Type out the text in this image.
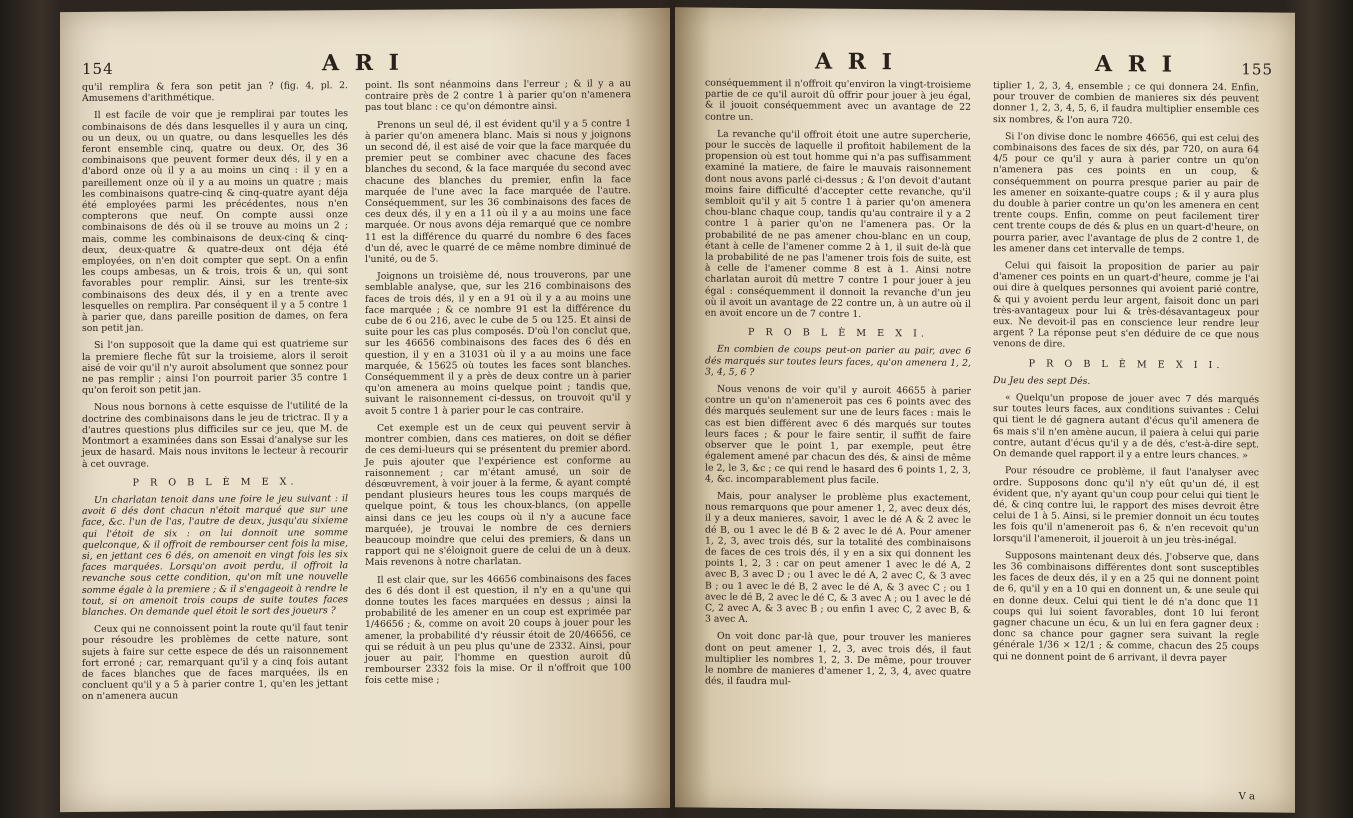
154	A R I

qu'il remplira & fera son petit jan ? (fig. 4, pl. 2. Amusemens d'arithmétique.

Il est facile de voir que je remplirai par toutes les combinaisons de dés dans lesquelles il y aura un cinq, ou un deux, ou un quatre, ou dans lesquelles les dés feront ensemble cinq, quatre ou deux. Or, des 36 combinaisons que peuvent former deux dés, il y en a d'abord onze où il y a au moins un cinq : il y en a pareillement onze où il y a au moins un quatre ; mais les combinaisons quatre-cinq & cinq-quatre ayant déja été employées parmi les précédentes, nous n'en compterons que neuf. On compte aussi onze combinaisons de dés où il se trouve au moins un 2 ; mais, comme les combinaisons de deux-cinq & cinq-deux, deux-quatre & quatre-deux ont déja été employées, on n'en doit compter que sept. On a enfin les coups ambesas, un & trois, trois & un, qui sont favorables pour remplir. Ainsi, sur les trente-six combinaisons des deux dés, il y en a trente avec lesquelles on remplira. Par conséquent il y a 5 contre 1 à parier que, dans pareille position de dames, on fera son petit jan.

Si l'on supposoit que la dame qui est quatrieme sur la premiere fleche fût sur la troisieme, alors il seroit aisé de voir qu'il n'y auroit absolument que sonnez pour ne pas remplir ; ainsi l'on pourroit parier 35 contre 1 qu'on feroit son petit jan.

Nous nous bornons à cette esquisse de l'utilité de la doctrine des combinaisons dans le jeu de trictrac. Il y a d'autres questions plus difficiles sur ce jeu, que M. de Montmort a examinées dans son Essai d'analyse sur les jeux de hasard. Mais nous invitons le lecteur à recourir à cet ouvrage.

P R O B L È M E X.

Un charlatan tenoit dans une foire le jeu suivant : il avoit 6 dés dont chacun n'étoit marqué que sur une face, &c. l'un de l'as, l'autre de deux, jusqu'au sixieme qui l'étoit de six : on lui donnoit une somme quelconque, & il offroit de rembourser cent fois la mise, si, en jettant ces 6 dés, on amenoit en vingt fois les six faces marquées. Lorsqu'on avoit perdu, il offroit la revanche sous cette condition, qu'on mît une nouvelle somme égale à la premiere ; & il s'engageoit à rendre le tout, si on amenoit trois coups de suite toutes faces blanches. On demande quel étoit le sort des joueurs ?

Ceux qui ne connoissent point la route qu'il faut tenir pour résoudre les problèmes de cette nature, sont sujets à faire sur cette espece de dés un raisonnement fort erroné ; car, remarquant qu'il y a cinq fois autant de faces blanches que de faces marquées, ils en concluent qu'il y a 5 à parier contre 1, qu'en les jettant on n'amenera aucun

point. Ils sont néanmoins dans l'erreur ; & il y a au contraire près de 2 contre 1 à parier qu'on n'amenera pas tout blanc : ce qu'on démontre ainsi.

Prenons un seul dé, il est évident qu'il y a 5 contre 1 à parier qu'on amenera blanc. Mais si nous y joignons un second dé, il est aisé de voir que la face marquée du premier peut se combiner avec chacune des faces blanches du second, & la face marquée du second avec chacune des blanches du premier, enfin la face marquée de l'une avec la face marquée de l'autre. Conséquemment, sur les 36 combinaisons des faces de ces deux dés, il y en a 11 où il y a au moins une face marquée. Or nous avons déja remarqué que ce nombre 11 est la différence du quarré du nombre 6 des faces d'un dé, avec le quarré de ce même nombre diminué de l'unité, ou de 5.

Joignons un troisième dé, nous trouverons, par une semblable analyse, que, sur les 216 combinaisons des faces de trois dés, il y en a 91 où il y a au moins une face marquée ; & ce nombre 91 est la différence du cube de 6 ou 216, avec le cube de 5 ou 125. Et ainsi de suite pour les cas plus composés. D'où l'on conclut que, sur les 46656 combinaisons des faces des 6 dés en question, il y en a 31031 où il y a au moins une face marquée, & 15625 où toutes les faces sont blanches. Conséquemment il y a près de deux contre un à parier qu'on amenera au moins quelque point ; tandis que, suivant le raisonnement ci-dessus, on trouvoit qu'il y avoit 5 contre 1 à parier pour le cas contraire.

Cet exemple est un de ceux qui peuvent servir à montrer combien, dans ces matieres, on doit se défier de ces demi-lueurs qui se présentent du premier abord. Je puis ajouter que l'expérience est conforme au raisonnement ; car m'étant amusé, un soir de désœuvrement, à voir jouer à la ferme, & ayant compté pendant plusieurs heures tous les coups marqués de quelque point, & tous les choux-blancs, (on appelle ainsi dans ce jeu les coups où il n'y a aucune face marquée), je trouvai le nombre de ces derniers beaucoup moindre que celui des premiers, & dans un rapport qui ne s'éloignoit guere de celui de un à deux. Mais revenons à notre charlatan.

Il est clair que, sur les 46656 combinaisons des faces des 6 dés dont il est question, il n'y en a qu'une qui donne toutes les faces marquées en dessus ; ainsi la probabilité de les amener en un coup est exprimée par 1/46656 ; &, comme on avoit 20 coups à jouer pour les amener, la probabilité d'y réussir étoit de 20/46656, ce qui se réduit à un peu plus qu'une de 2332. Ainsi, pour jouer au pair, l'homme en question auroit dû rembourser 2332 fois la mise. Or il n'offroit que 100 fois cette mise ;

A R I	A R I	155

conséquemment il n'offroit qu'environ la vingt-troisieme partie de ce qu'il auroit dû offrir pour jouer à jeu égal, & il jouoit conséquemment avec un avantage de 22 contre un.

La revanche qu'il offroit étoit une autre supercherie, pour le succès de laquelle il profitoit habilement de la propension où est tout homme qui n'a pas suffisamment examiné la matiere, de faire le mauvais raisonnement dont nous avons parlé ci-dessus ; & l'on devoit d'autant moins faire difficulté d'accepter cette revanche, qu'il sembloit qu'il y ait 5 contre 1 à parier qu'on amenera chou-blanc chaque coup, tandis qu'au contraire il y a 2 contre 1 à parier qu'on ne l'amenera pas. Or la probabilité de ne pas amener chou-blanc en un coup, étant à celle de l'amener comme 2 à 1, il suit de-là que la probabilité de ne pas l'amener trois fois de suite, est à celle de l'amener comme 8 est à 1. Ainsi notre charlatan auroit dû mettre 7 contre 1 pour jouer à jeu égal : conséquemment il donnoit la revanche d'un jeu où il avoit un avantage de 22 contre un, à un autre où il en avoit encore un de 7 contre 1.

P R O B L È M E X I.

En combien de coups peut-on parier au pair, avec 6 dés marqués sur toutes leurs faces, qu'on amenera 1, 2, 3, 4, 5, 6 ?

Nous venons de voir qu'il y auroit 46655 à parier contre un qu'on n'ameneroit pas ces 6 points avec des dés marqués seulement sur une de leurs faces : mais le cas est bien différent avec 6 dés marqués sur toutes leurs faces ; & pour le faire sentir, il suffit de faire observer que le point 1, par exemple, peut être également amené par chacun des dés, & ainsi de même le 2, le 3, &c ; ce qui rend le hasard des 6 points 1, 2, 3, 4, &c. incomparablement plus facile.

Mais, pour analyser le problème plus exactement, nous remarquons que pour amener 1, 2, avec deux dés, il y a deux manieres, savoir, 1 avec le dé A & 2 avec le dé B, ou 1 avec le dé B & 2 avec le dé A. Pour amener 1, 2, 3, avec trois dés, sur la totalité des combinaisons de faces de ces trois dés, il y en a six qui donnent les points 1, 2, 3 : car on peut amener 1 avec le dé A, 2 avec B, 3 avec D ; ou 1 avec le dé A, 2 avec C, & 3 avec B ; ou 1 avec le dé B, 2 avec le dé A, & 3 avec C ; ou 1 avec le dé B, 2 avec le dé C, & 3 avec A ; ou 1 avec le dé C, 2 avec A, & 3 avec B ; ou enfin 1 avec C, 2 avec B, & 3 avec A.

On voit donc par-là que, pour trouver les manieres dont on peut amener 1, 2, 3, avec trois dés, il faut multiplier les nombres 1, 2, 3. De même, pour trouver le nombre de manieres d'amener 1, 2, 3, 4, avec quatre dés, il faudra mul-

tiplier 1, 2, 3, 4, ensemble ; ce qui donnera 24. Enfin, pour trouver de combien de manieres six dés peuvent donner 1, 2, 3, 4, 5, 6, il faudra multiplier ensemble ces six nombres, & l'on aura 720.

Si l'on divise donc le nombre 46656, qui est celui des combinaisons des faces de six dés, par 720, on aura 64 4/5 pour ce qu'il y aura à parier contre un qu'on n'amenera pas ces points en un coup, & conséquemment on pourra presque parier au pair de les amener en soixante-quatre coups ; & il y aura plus du double à parier contre un qu'on les amenera en cent trente coups. Enfin, comme on peut facilement tirer cent trente coups de dés & plus en un quart-d'heure, on pourra parier, avec l'avantage de plus de 2 contre 1, de les amener dans cet intervalle de temps.

Celui qui faisoit la proposition de parier au pair d'amener ces points en un quart-d'heure, comme je l'ai oui dire à quelques personnes qui avoient parié contre, & qui y avoient perdu leur argent, faisoit donc un pari très-avantageux pour lui & très-désavantageux pour eux. Ne devoit-il pas en conscience leur rendre leur argent ? La réponse peut s'en déduire de ce que nous venons de dire.

P R O B L È M E X I I.

Du Jeu des sept Dés.

« Quelqu'un propose de jouer avec 7 dés marqués sur toutes leurs faces, aux conditions suivantes : Celui qui tient le dé gagnera autant d'écus qu'il amenera de 6s mais s'il n'en amène aucun, il paiera à celui qui parie contre, autant d'écus qu'il y a de dés, c'est-à-dire sept. On demande quel rapport il y a entre leurs chances. »

Pour résoudre ce problème, il faut l'analyser avec ordre. Supposons donc qu'il n'y eût qu'un dé, il est évident que, n'y ayant qu'un coup pour celui qui tient le dé, & cinq contre lui, le rapport des mises devroit être celui de 1 à 5. Ainsi, si le premier donnoit un écu toutes les fois qu'il n'ameneroit pas 6, & n'en recevoit qu'un lorsqu'il l'ameneroit, il joueroit à un jeu très-inégal.

Supposons maintenant deux dés. J'observe que, dans les 36 combinaisons différentes dont sont susceptibles les faces de deux dés, il y en a 25 qui ne donnent point de 6, qu'il y en a 10 qui en donnent un, & une seule qui en donne deux. Celui qui tient le dé n'a donc que 11 coups qui lui soient favorables, dont 10 lui feront gagner chacune un écu, & un lui en fera gagner deux : donc sa chance pour gagner sera suivant la regle générale 1/36 × 12/1 ; & comme, chacun des 25 coups qui ne donnent point de 6 arrivant, il devra payer

V a
